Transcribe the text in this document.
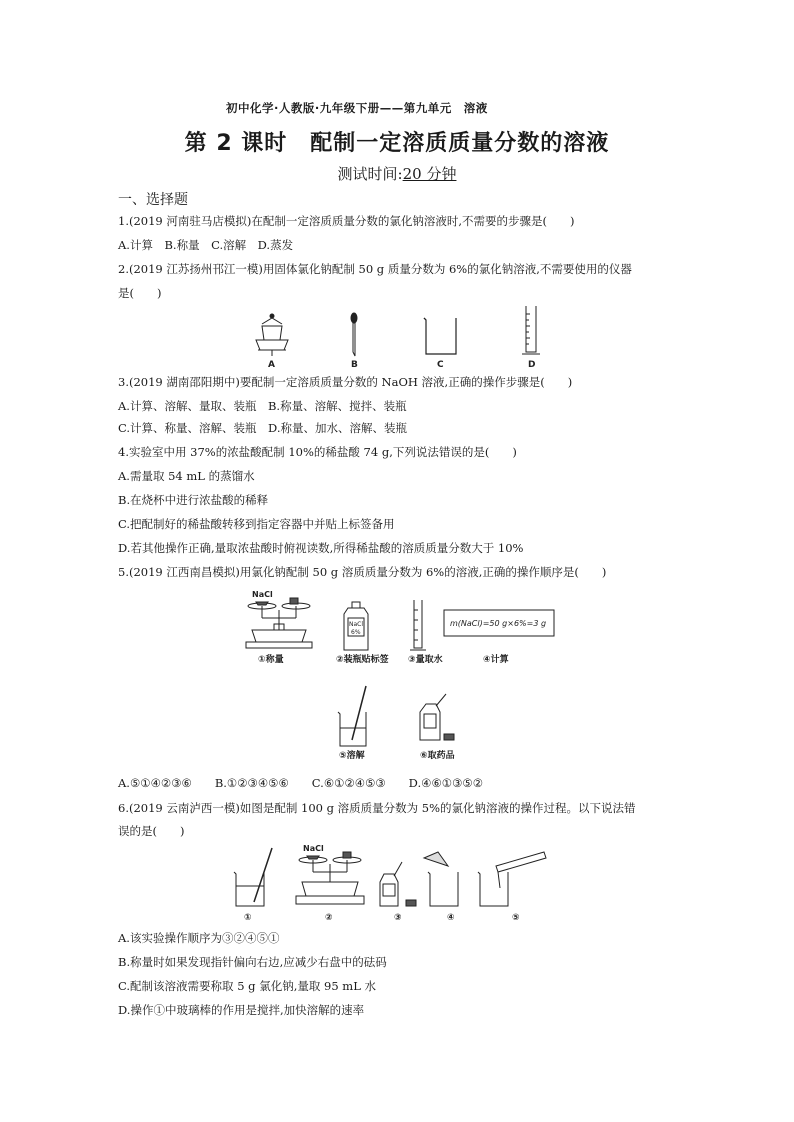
初中化学·人教版·九年级下册——第九单元　溶液
第 2 课时　配制一定溶质质量分数的溶液
测试时间:20 分钟
一、选择题
1.(2019 河南驻马店模拟)在配制一定溶质质量分数的氯化钠溶液时,不需要的步骤是(　　)
A.计算　B.称量　C.溶解　D.蒸发
2.(2019 江苏扬州邗江一模)用固体氯化钠配制 50 g 质量分数为 6%的氯化钠溶液,不需要使用的仪器
是(　　)
A	B	C	D
3.(2019 湖南邵阳期中)要配制一定溶质质量分数的 NaOH 溶液,正确的操作步骤是(　　)
A.计算、溶解、量取、装瓶　B.称量、溶解、搅拌、装瓶
C.计算、称量、溶解、装瓶　D.称量、加水、溶解、装瓶
4.实验室中用 37%的浓盐酸配制 10%的稀盐酸 74 g,下列说法错误的是(　　)
A.需量取 54 mL 的蒸馏水
B.在烧杯中进行浓盐酸的稀释
C.把配制好的稀盐酸转移到指定容器中并贴上标签备用
D.若其他操作正确,量取浓盐酸时俯视读数,所得稀盐酸的溶质质量分数大于 10%
5.(2019 江西南昌模拟)用氯化钠配制 50 g 溶质质量分数为 6%的溶液,正确的操作顺序是(　　)
NaCl
①称量
NaCl
6%
②装瓶贴标签 ③量取水
m(NaCl)=50 g×6%=3 g
④计算
⑤溶解	⑥取药品
A.⑤①④②③⑥　　B.①②③④⑤⑥　　C.⑥①②④⑤③　　D.④⑥①③⑤②
6.(2019 云南泸西一模)如图是配制 100 g 溶质质量分数为 5%的氯化钠溶液的操作过程。以下说法错
误的是(　　)
①
NaCl
②	③	④	⑤
A.该实验操作顺序为③②④⑤①
B.称量时如果发现指针偏向右边,应减少右盘中的砝码
C.配制该溶液需要称取 5 g 氯化钠,量取 95 mL 水
D.操作①中玻璃棒的作用是搅拌,加快溶解的速率
